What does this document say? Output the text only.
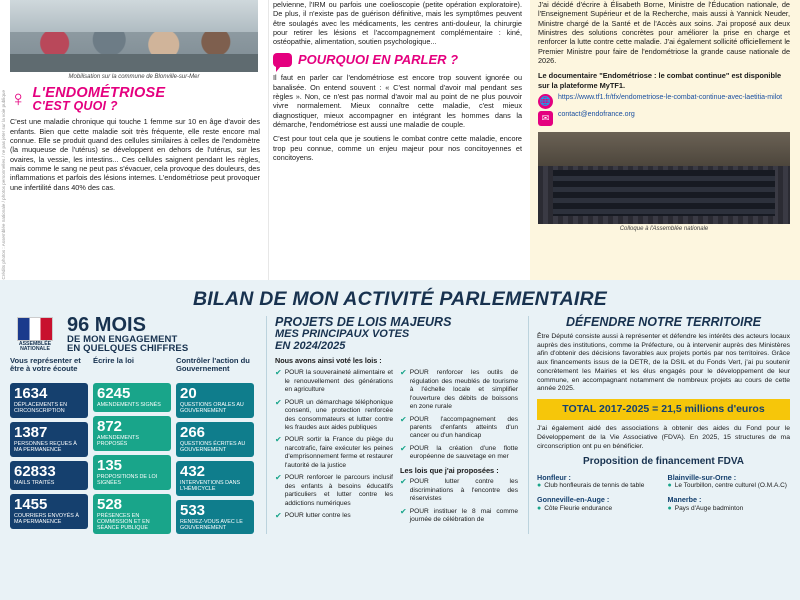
Crédits photos : Assemblée nationale / photos personnelles / ne pas jeter sur la voie publique
Mobilisation sur la commune de Blonville-sur-Mer
♀ L'ENDOMÉTRIOSE
C'EST QUOI ?

C'est une maladie chronique qui touche 1 femme sur 10 en âge d'avoir des enfants. Bien que cette maladie soit très fréquente, elle reste encore mal connue. Elle se produit quand des cellules similaires à celles de l'endomètre (la muqueuse de l'utérus) se développent en dehors de l'utérus, sur les ovaires, la vessie, les intestins... Ces cellules saignent pendant les règles, mais comme le sang ne peut pas s'évacuer, cela provoque des douleurs, des inflammations et parfois des lésions internes. L'endométriose peut provoquer une infertilité dans 40% des cas.

pelvienne, l'IRM ou parfois une coelioscopie (petite opération exploratoire). De plus, il n'existe pas de guérison définitive, mais les symptômes peuvent être soulagés avec les médicaments, les centres anti-douleur, la chirurgie pour retirer les lésions et l'accompagnement complémentaire : kiné, ostéopathie, alimentation, soutien psychologique...

POURQUOI EN PARLER ?

Il faut en parler car l'endométriose est encore trop souvent ignorée ou banalisée. On entend souvent : « C'est normal d'avoir mal pendant ses règles ». Non, ce n'est pas normal d'avoir mal au point de ne plus pouvoir vivre normalement. Mieux connaître cette maladie, c'est mieux diagnostiquer, mieux accompagner en intégrant les hommes dans la démarche, l'endométriose est aussi une maladie de couple.

C'est pour tout cela que je soutiens le combat contre cette maladie, encore trop peu connue, comme un enjeu majeur pour nos concitoyennes et concitoyens.

J'ai décidé d'écrire à Élisabeth Borne, Ministre de l'Éducation nationale, de l'Enseignement Supérieur et de la Recherche, mais aussi à Yannick Neuder, Ministre chargé de la Santé et de l'Accès aux soins. J'ai proposé aux deux Ministres des solutions concrètes pour améliorer la prise en charge et renforcer la lutte contre cette maladie. J'ai également sollicité officiellement le Premier Ministre pour faire de l'endométriose la grande cause nationale de 2026.

Le documentaire "Endométriose : le combat continue" est disponible sur la plateforme MyTF1.
🌐 https://www.tf1.fr/tfx/endometriose-le-combat-continue-avec-laetitia-milot
✉	contact@endofrance.org
Colloque à l'Assemblée nationale
BILAN DE MON ACTIVITÉ PARLEMENTAIRE
ASSEMBLÉE
NATIONALE
96 MOIS
DE MON ENGAGEMENT
EN QUELQUES CHIFFRES
Vous représenter et être à votre écoute
1634
DÉPLACEMENTS EN CIRCONSCRIPTION
1387
PERSONNES REÇUES À MA PERMANENCE
62833
MAILS TRAITÉS
1455
COURRIERS ENVOYÉS À MA PERMANENCE
Écrire la loi
6245
AMENDEMENTS SIGNÉS
872
AMENDEMENTS PROPOSÉS
135
PROPOSITIONS DE LOI SIGNÉES
528
PRÉSENCES EN COMMISSION ET EN SÉANCE PUBLIQUE
Contrôler l'action du Gouvernement
20
QUESTIONS ORALES AU GOUVERNEMENT
266
QUESTIONS ÉCRITES AU GOUVERNEMENT
432
INTERVENTIONS DANS L'HÉMICYCLE
533
RENDEZ-VOUS AVEC LE GOUVERNEMENT
PROJETS DE LOIS MAJEURS
MES PRINCIPAUX VOTES
EN 2024/2025
Nous avons ainsi voté les lois :
✔ POUR la souveraineté alimentaire et le renouvellement des générations en agriculture
✔ POUR un démarchage téléphonique consenti, une protection renforcée des consommateurs et lutter contre les fraudes aux aides publiques
✔ POUR sortir la France du piège du narcotrafic, faire exécuter les peines d'emprisonnement ferme et restaurer l'autorité de la justice
✔ POUR renforcer le parcours inclusif des enfants à besoins éducatifs particuliers et lutter contre les addictions numériques
✔ POUR lutter contre les
✔ POUR renforcer les outils de régulation des meublés de tourisme à l'échelle locale et simplifier l'ouverture des débits de boissons en zone rurale
✔ POUR l'accompagnement des parents d'enfants atteints d'un cancer ou d'un handicap
✔ POUR la création d'une flotte européenne de sauvetage en mer
Les lois que j'ai proposées :
✔ POUR lutter contre les discriminations à l'encontre des réservistes
✔ POUR instituer le 8 mai comme journée de célébration de
DÉFENDRE NOTRE TERRITOIRE

Être Député consiste aussi à représenter et défendre les intérêts des acteurs locaux auprès des institutions, comme la Préfecture, ou à intervenir auprès des Ministères afin d'obtenir des décisions favorables aux projets portés par nos territoires. Grâce aux financements issus de la DETR, de la DSIL et du Fonds Vert, j'ai pu soutenir concrètement les Mairies et les élus engagés pour le développement de leur commune, en accompagnant notamment de nombreux projets au cours de cette année 2025.

TOTAL 2017-2025 = 21,5 millions d'euros

J'ai également aidé des associations à obtenir des aides du Fond pour le Développement de la Vie Associative (FDVA). En 2025, 15 structures de ma circonscription ont pu en bénéficier.

Proposition de financement FDVA
Honfleur :
● Club honfleurais de tennis de table
Gonneville-en-Auge :
● Côte Fleurie endurance
Blainville-sur-Orne :
● Le Tourbillon, centre culturel (O.M.A.C)
Manerbe :
● Pays d'Auge badminton
